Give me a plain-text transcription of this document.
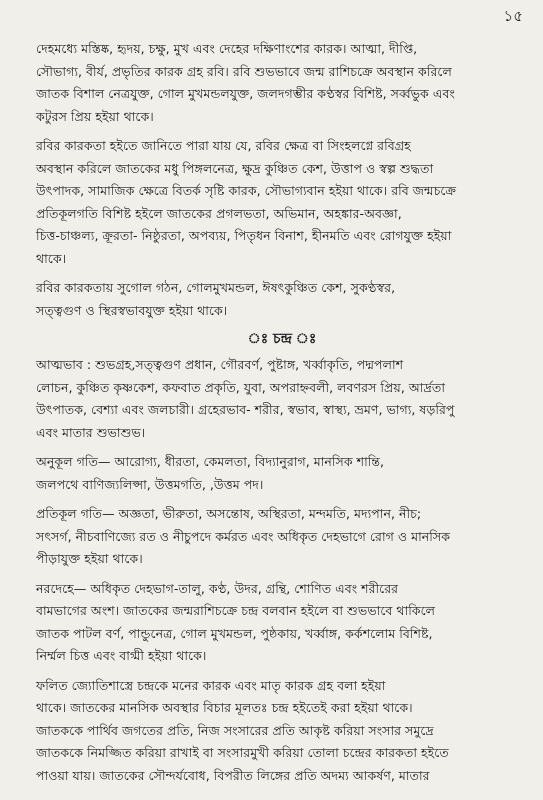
১৫

দেহমধ্যে মস্তিষ্ক, হৃদয়, চক্ষু, মুখ এবং দেহের দক্ষিণাংশের কারক। আত্মা, দীপ্তি,
সৌভাগ্য, বীর্য, প্রভৃতির কারক গ্রহ রবি। রবি শুভভাবে জন্ম রাশিচক্রে অবস্থান করিলে
জাতক বিশাল নেত্রযুক্ত, গোল মুখমন্ডলযুক্ত, জলদগম্ভীর কণ্ঠস্বর বিশিষ্ট, সর্ব্বভুক এবং
কটুরস প্রিয় হইয়া থাকে।

রবির কারকতা হইতে জানিতে পারা যায় যে, রবির ক্ষেত্র বা সিংহলগ্নে রবিগ্রহ
অবস্থান করিলে জাতকের মধু পিঙ্গলনেত্র, ক্ষুদ্র কুঞ্চিত কেশ, উত্তাপ ও স্বল্প শুদ্ধতা
উৎপাদক, সামাজিক ক্ষেত্রে বিতর্ক সৃষ্টি কারক, সৌভাগ্যবান হইয়া থাকে। রবি জন্মচক্রে
প্রতিকূলগতি বিশিষ্ট হইলে জাতকের প্রগলভতা, অভিমান, অহঙ্কার-অবজ্ঞা,
চিত্ত-চাঞ্চল্য, ক্রূরতা- নিষ্ঠুরতা, অপব্যয়, পিতৃধন বিনাশ, হীনমতি এবং রোগযুক্ত হইয়া
থাকে।

রবির কারকতায় সুগোল গঠন, গোলমুখমন্ডল, ঈষৎকুঞ্চিত কেশ, সুকণ্ঠস্বর,
সত্ত্বগুণ ও স্থিরস্বভাবযুক্ত হইয়া থাকে।

ঃ চন্দ্র ঃ

আত্মভাব : শুভগ্রহ,সত্ত্বগুণ প্রধান, গৌরবর্ণ, পুষ্টাঙ্গ, খর্ব্বাকৃতি, পদ্মপলাশ
লোচন, কুঞ্চিত কৃষ্ণকেশ, কফবাত প্রকৃতি, যুবা, অপরাহ্নবলী, লবণরস প্রিয়, আর্দ্রতা
উৎপাতক, বেশ্যা এবং জলচারী। গ্রহেরভাব- শরীর, স্বভাব, স্বাস্থ্য, ভ্রমণ, ভাগ্য, ষড়রিপু
এবং মাতার শুভাশুভ।

অনুকূল গতি— আরোগ্য, ধীরতা, কেমলতা, বিদ্যানুরাগ, মানসিক শান্তি,
জলপথে বাণিজ্যলিপ্সা, উত্তমগতি, ,উত্তম পদ।

প্রতিকূল গতি— অজ্ঞতা, ভীরুতা, অসন্তোষ, অস্থিরতা, মন্দমতি, মদ্যপান, নীচ;
সৎসর্গ, নীচবাণিজ্যে রত ও নীচুপদে কর্মরত এবং অধিকৃত দেহভাগে রোগ ও মানসিক
পীড়াযুক্ত হইয়া থাকে।

নরদেহে— অধিকৃত দেহভাগ-তালু, কণ্ঠ, উদর, গ্রন্থি, শোণিত এবং শরীরের
বামভাগের অংশ। জাতকের জন্মরাশিচক্রে চন্দ্র বলবান হইলে বা শুভভাবে থাকিলে
জাতক পাটল বর্ণ, পান্ডুনেত্র, গোল মুখমন্ডল, পুষ্ঠকায়, খর্ব্বাঙ্গ, কর্কশলোম বিশিষ্ট,
নির্ম্মল চিত্ত এবং বাগ্মী হইয়া থাকে।

ফলিত জ্যোতিশাস্ত্রে চন্দ্রকে মনের কারক এবং মাতৃ কারক গ্রহ বলা হইয়া
থাকে। জাতকের মানসিক অবস্থার বিচার মূলতঃ চন্দ্র হইতেই করা হইয়া থাকে।
জাতককে পার্থিব জগতের প্রতি, নিজ সংসারের প্রতি আকৃষ্ট করিয়া সংসার সমুদ্রে
জাতককে নিমজ্জিত করিয়া রাখাই বা সংসারমুখী করিয়া তোলা চন্দ্রের কারকতা হইতে
পাওয়া যায়। জাতকের সৌন্দর্যবোধ, বিপরীত লিঙ্গের প্রতি অদম্য আকর্ষণ, মাতার
